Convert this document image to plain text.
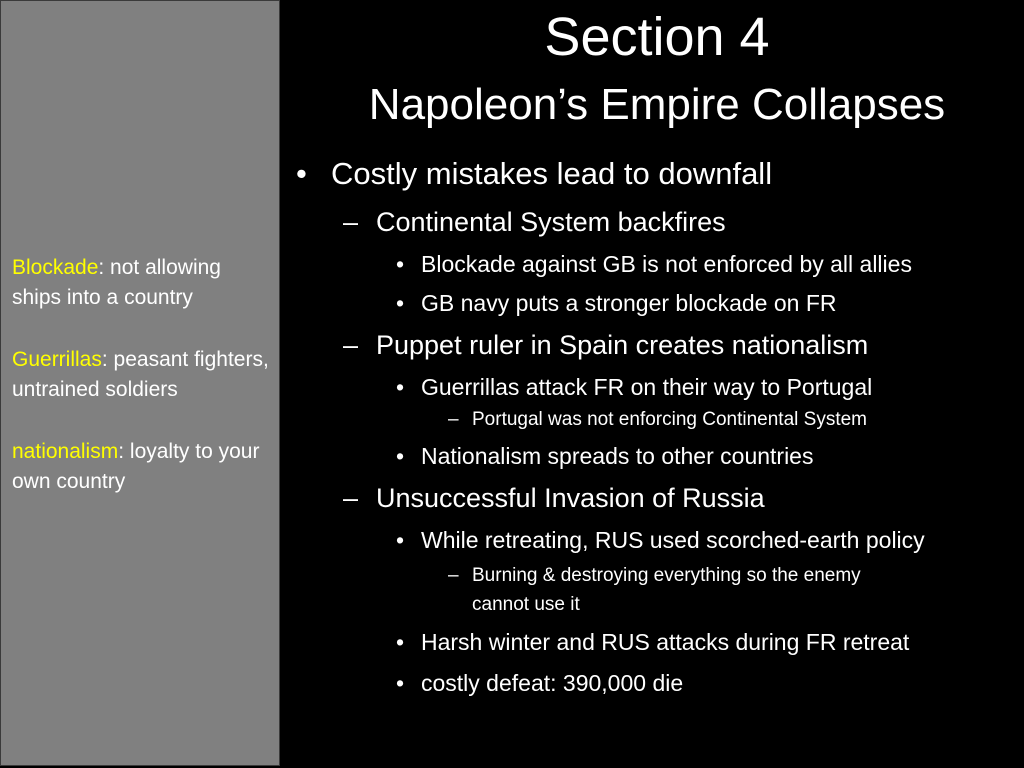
Blockade: not allowing ships into a country
Guerrillas: peasant fighters, untrained soldiers
nationalism: loyalty to your own country
Section 4
Napoleon’s Empire Collapses
• Costly mistakes lead to downfall
– Continental System backfires
• Blockade against GB is not enforced by all allies
• GB navy puts a stronger blockade on FR
– Puppet ruler in Spain creates nationalism
• Guerrillas attack FR on their way to Portugal
– Portugal was not enforcing Continental System
• Nationalism spreads to other countries
– Unsuccessful Invasion of Russia
• While retreating, RUS used scorched-earth policy
– Burning & destroying everything so the enemy
cannot use it
• Harsh winter and RUS attacks during FR retreat
• costly defeat: 390,000 die
